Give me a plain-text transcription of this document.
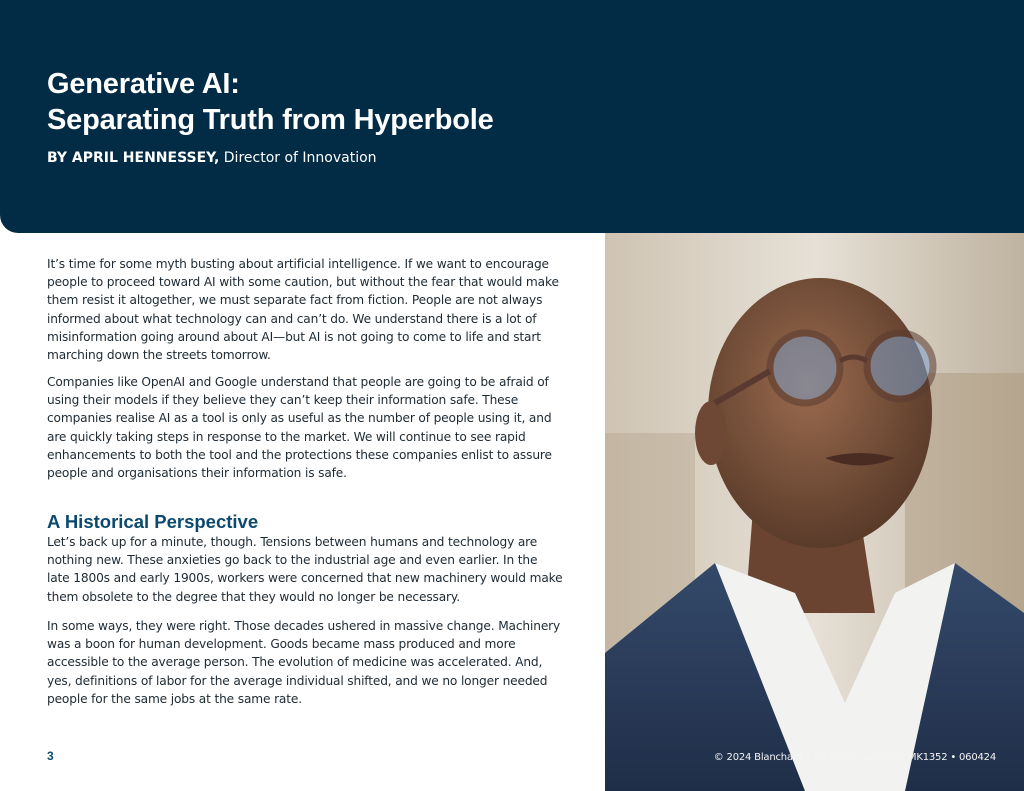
Generative AI:
Separating Truth from Hyperbole
BY APRIL HENNESSEY, Director of Innovation

It’s time for some myth busting about artificial intelligence. If we want to encourage people to proceed toward AI with some caution, but without the fear that would make them resist it altogether, we must separate fact from fiction. People are not always informed about what technology can and can’t do. We understand there is a lot of misinformation going around about AI—but AI is not going to come to life and start marching down the streets tomorrow.

Companies like OpenAI and Google understand that people are going to be afraid of using their models if they believe they can’t keep their information safe. These companies realise AI as a tool is only as useful as the number of people using it, and are quickly taking steps in response to the market. We will continue to see rapid enhancements to both the tool and the protections these companies enlist to assure people and organisations their information is safe.

A Historical Perspective

Let’s back up for a minute, though. Tensions between humans and technology are nothing new. These anxieties go back to the industrial age and even earlier. In the late 1800s and early 1900s, workers were concerned that new machinery would make them obsolete to the degree that they would no longer be necessary.

In some ways, they were right. Those decades ushered in massive change. Machinery was a boon for human development. Goods became mass produced and more accessible to the average person. The evolution of medicine was accelerated. And, yes, definitions of labor for the average individual shifted, and we no longer needed people for the same jobs at the same rate.

3	© 2024 Blanchard • All rights reserved. MK1352 • 060424
